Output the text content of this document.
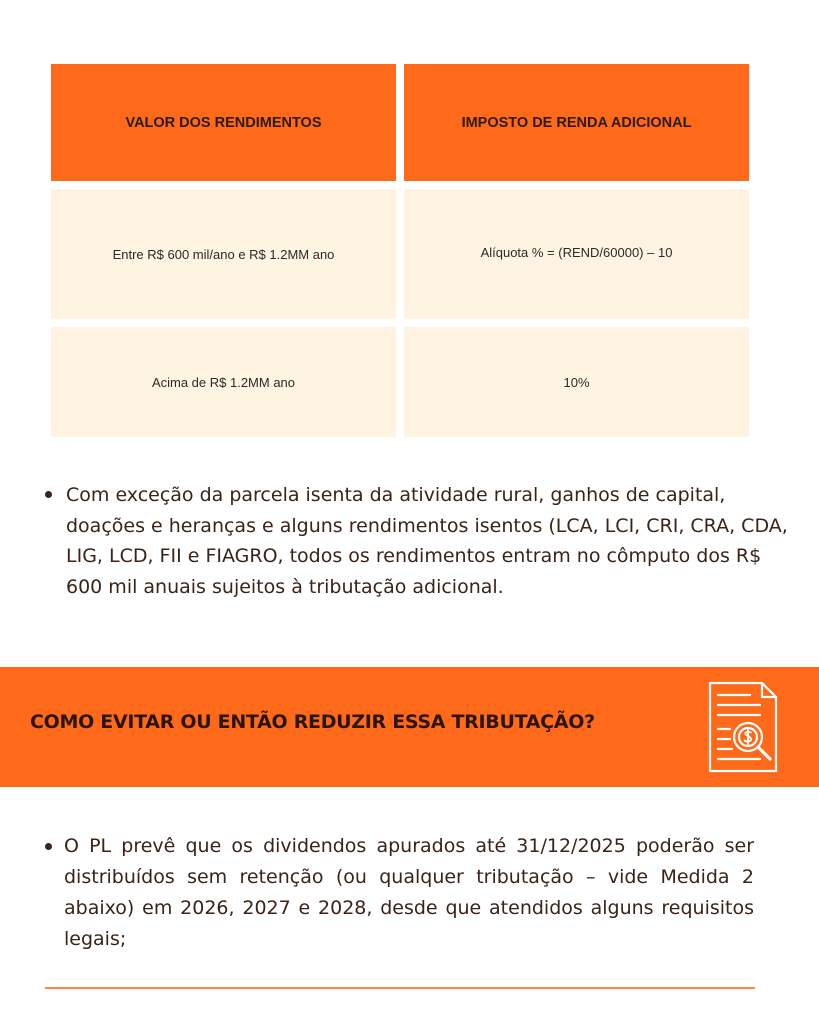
VALOR DOS RENDIMENTOS	IMPOSTO DE RENDA ADICIONAL
Entre R$ 600 mil/ano e R$ 1.2MM ano	Alíquota % = (REND/60000) – 10
Acima de R$ 1.2MM ano	10%
Com exceção da parcela isenta da atividade rural, ganhos de capital, doações e heranças e alguns rendimentos isentos (LCA, LCI, CRI, CRA, CDA, LIG, LCD, FII e FIAGRO, todos os rendimentos entram no cômputo dos R$ 600 mil anuais sujeitos à tributação adicional.
COMO EVITAR OU ENTÃO REDUZIR ESSA TRIBUTAÇÃO?
O PL prevê que os dividendos apurados até 31/12/2025 poderão ser distribuídos sem retenção (ou qualquer tributação – vide Medida 2 abaixo) em 2026, 2027 e 2028, desde que atendidos alguns requisitos legais;
